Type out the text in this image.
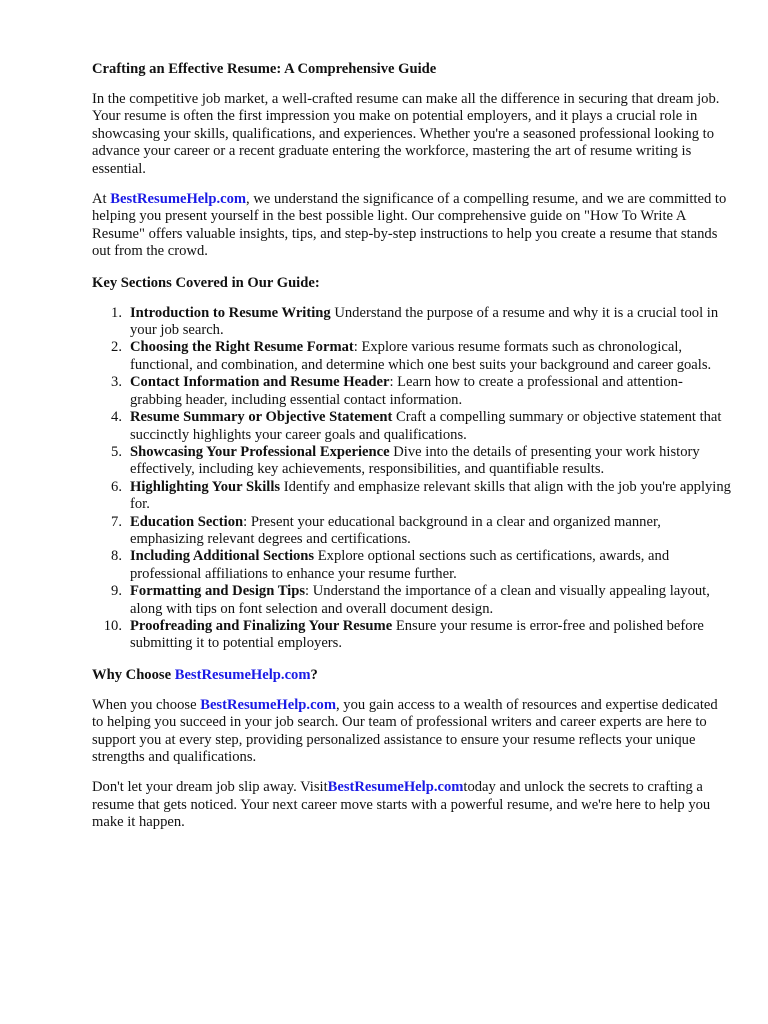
Crafting an Effective Resume: A Comprehensive Guide

In the competitive job market, a well-crafted resume can make all the difference in securing that dream job. Your resume is often the first impression you make on potential employers, and it plays a crucial role in showcasing your skills, qualifications, and experiences. Whether you're a seasoned professional looking to advance your career or a recent graduate entering the workforce, mastering the art of resume writing is essential.

At BestResumeHelp.com, we understand the significance of a compelling resume, and we are committed to helping you present yourself in the best possible light. Our comprehensive guide on "How To Write A Resume" offers valuable insights, tips, and step-by-step instructions to help you create a resume that stands out from the crowd.

Key Sections Covered in Our Guide:
1. Introduction to Resume Writing Understand the purpose of a resume and why it is a crucial tool in your job search.
2. Choosing the Right Resume Format: Explore various resume formats such as chronological, functional, and combination, and determine which one best suits your background and career goals.
3. Contact Information and Resume Header: Learn how to create a professional and attention-grabbing header, including essential contact information.
4. Resume Summary or Objective Statement Craft a compelling summary or objective statement that succinctly highlights your career goals and qualifications.
5. Showcasing Your Professional Experience Dive into the details of presenting your work history effectively, including key achievements, responsibilities, and quantifiable results.
6. Highlighting Your Skills Identify and emphasize relevant skills that align with the job you're applying for.
7. Education Section: Present your educational background in a clear and organized manner, emphasizing relevant degrees and certifications.
8. Including Additional Sections Explore optional sections such as certifications, awards, and professional affiliations to enhance your resume further.
9. Formatting and Design Tips: Understand the importance of a clean and visually appealing layout, along with tips on font selection and overall document design.
10. Proofreading and Finalizing Your Resume Ensure your resume is error-free and polished before submitting it to potential employers.
Why Choose BestResumeHelp.com?

When you choose BestResumeHelp.com, you gain access to a wealth of resources and expertise dedicated to helping you succeed in your job search. Our team of professional writers and career experts are here to support you at every step, providing personalized assistance to ensure your resume reflects your unique strengths and qualifications.

Don't let your dream job slip away. VisitBestResumeHelp.comtoday and unlock the secrets to crafting a resume that gets noticed. Your next career move starts with a powerful resume, and we're here to help you make it happen.
